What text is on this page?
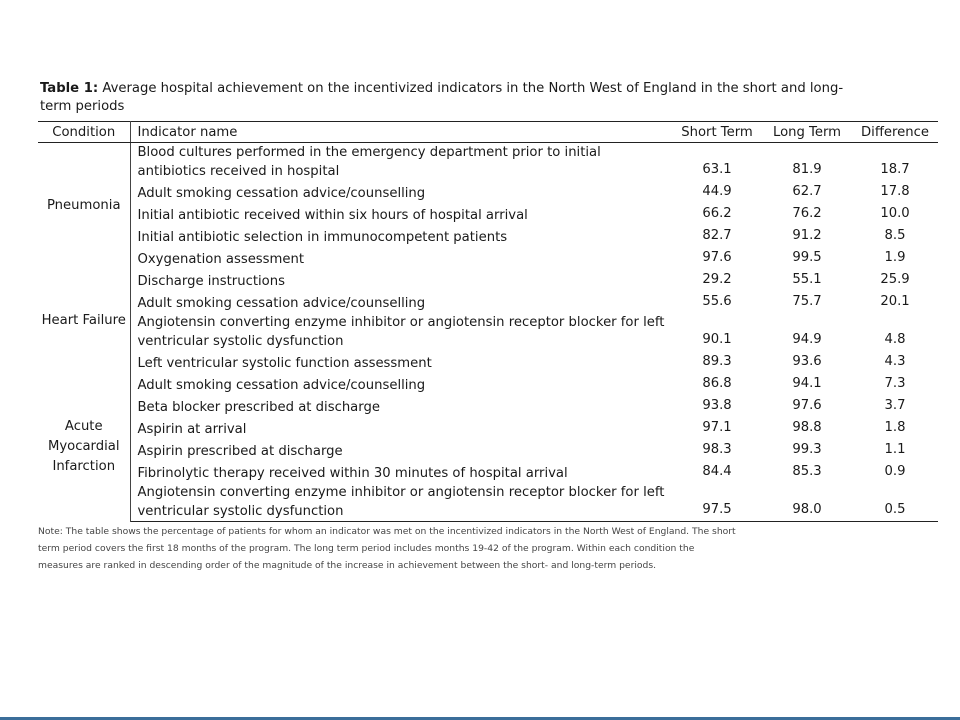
Table 1: Average hospital achievement on the incentivized indicators in the North West of England in the short and long-term periods
Condition	Indicator name	Short Term	Long Term	Difference
Pneumonia	Blood cultures performed in the emergency department prior to initial antibiotics received in hospital	63.1	81.9	18.7
	Adult smoking cessation advice/counselling	44.9	62.7	17.8
	Initial antibiotic received within six hours of hospital arrival	66.2	76.2	10.0
	Initial antibiotic selection in immunocompetent patients	82.7	91.2	8.5
	Oxygenation assessment	97.6	99.5	1.9
Heart Failure	Discharge instructions	29.2	55.1	25.9
	Adult smoking cessation advice/counselling	55.6	75.7	20.1
	Angiotensin converting enzyme inhibitor or angiotensin receptor blocker for left ventricular systolic dysfunction	90.1	94.9	4.8
	Left ventricular systolic function assessment	89.3	93.6	4.3
Acute Myocardial Infarction	Adult smoking cessation advice/counselling	86.8	94.1	7.3
	Beta blocker prescribed at discharge	93.8	97.6	3.7
	Aspirin at arrival	97.1	98.8	1.8
	Aspirin prescribed at discharge	98.3	99.3	1.1
	Fibrinolytic therapy received within 30 minutes of hospital arrival	84.4	85.3	0.9
	Angiotensin converting enzyme inhibitor or angiotensin receptor blocker for left ventricular systolic dysfunction	97.5	98.0	0.5
Note: The table shows the percentage of patients for whom an indicator was met on the incentivized indicators in the North West of England. The short term period covers the first 18 months of the program. The long term period includes months 19-42 of the program. Within each condition the measures are ranked in descending order of the magnitude of the increase in achievement between the short- and long-term periods.
